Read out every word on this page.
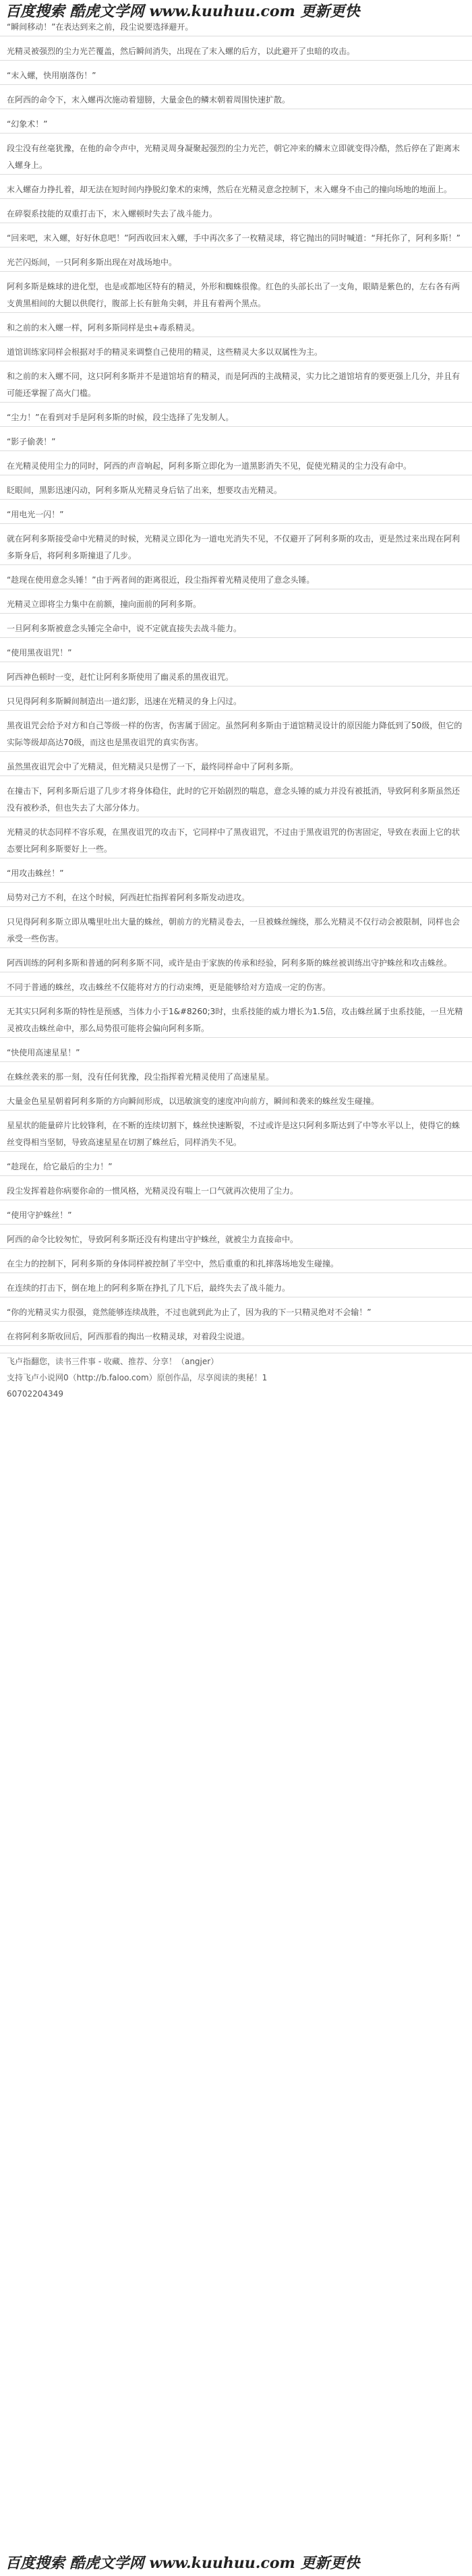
百度搜索 酷虎文学网 www.kuuhuu.com 更新更快
“瞬间移动！”在表达到来之前，段尘说要选择避开。
光精灵被强烈的尘力光芒覆盖，然后瞬间消失，出现在了末入螺的后方，以此避开了虫暗的攻击。
“末入螺，快用崩落伤！”
在阿西的命令下，末入螺再次施动着翅膀，大量金色的鳞末朝着周围快速扩散。
“幻象术！”
段尘没有丝毫犹豫，在他的命令声中，光精灵周身凝聚起强烈的尘力光芒，朝它冲来的鳞末立即就变得冷酷，然后停在了距离末入螺身上。
末入螺奋力挣扎着，却无法在短时间内挣脱幻象术的束缚，然后在光精灵意念控制下，末入螺身不由己的撞向场地的地面上。
在碎裂系技能的双重打击下，末入螺顿时失去了战斗能力。
“回来吧，末入螺，好好休息吧！”阿西收回末入螺，手中再次多了一枚精灵球，将它抛出的同时喊道：“拜托你了，阿利多斯！”
光芒闪烁间，一只阿利多斯出现在对战场地中。
阿利多斯是蛛球的进化型，也是或都地区特有的精灵，外形和蜘蛛很像。红色的头部长出了一支角，眼睛是紫色的，左右各有两支黄黑相间的大腿以供爬行，腹部上长有脏角尖刺，并且有着两个黑点。
和之前的末入螺一样，阿利多斯同样是虫+毒系精灵。
道馆训练家同样会根据对手的精灵来调整自己使用的精灵，这些精灵大多以双属性为主。
和之前的末入螺不同，这只阿利多斯并不是道馆培育的精灵，而是阿西的主战精灵，实力比之道馆培育的要更强上几分，并且有可能还掌握了高火门槛。
“尘力！”在看到对手是阿利多斯的时候，段尘选择了先发制人。
“影子偷袭！”
在光精灵使用尘力的同时，阿西的声音响起，阿利多斯立即化为一道黑影消失不见，促使光精灵的尘力没有命中。
眨眼间，黑影迅速闪动，阿利多斯从光精灵身后钻了出来，想要攻击光精灵。
“用电光一闪！”
就在阿利多斯接受命中光精灵的时候，光精灵立即化为一道电光消失不见，不仅避开了阿利多斯的攻击，更是然过来出现在阿利多斯身后，将阿利多斯撞退了几步。
“趁现在使用意念头锤！”由于两者间的距离很近，段尘指挥着光精灵使用了意念头锤。
光精灵立即将尘力集中在前额，撞向面前的阿利多斯。
一旦阿利多斯被意念头锤完全命中，说不定就直接失去战斗能力。
“使用黑夜诅咒！”
阿西神色顿时一变，赶忙让阿利多斯使用了幽灵系的黑夜诅咒。
只见得阿利多斯瞬间制造出一道幻影，迅速在光精灵的身上闪过。
黑夜诅咒会给予对方和自己等级一样的伤害，伤害属于固定。虽然阿利多斯由于道馆精灵设计的原因能力降低到了50级，但它的实际等级却高达70级，而这也是黑夜诅咒的真实伤害。
虽然黑夜诅咒会中了光精灵，但光精灵只是愣了一下，最终同样命中了阿利多斯。
在撞击下，阿利多斯后退了几步才将身体稳住，此时的它开始剧烈的喘息，意念头锤的威力并没有被抵消，导致阿利多斯虽然还没有被秒杀，但也失去了大部分体力。
光精灵的状态同样不容乐观，在黑夜诅咒的攻击下，它同样中了黑夜诅咒，不过由于黑夜诅咒的伤害固定，导致在表面上它的状态要比阿利多斯要好上一些。
“用攻击蛛丝！”
局势对己方不利，在这个时候，阿西赶忙指挥着阿利多斯发动进攻。
只见得阿利多斯立即从嘴里吐出大量的蛛丝，朝前方的光精灵卷去，一旦被蛛丝缠绕，那么光精灵不仅行动会被限制，同样也会承受一些伤害。
阿西训练的阿利多斯和普通的阿利多斯不同，或许是由于家族的传承和经验，阿利多斯的蛛丝被训练出守护蛛丝和攻击蛛丝。
不同于普通的蛛丝，攻击蛛丝不仅能将对方的行动束缚，更是能够给对方造成一定的伤害。
无其实只阿利多斯的特性是预感，当体力小于1&#8260;3时，虫系技能的威力增长为1.5倍，攻击蛛丝属于虫系技能，一旦光精灵被攻击蛛丝命中，那么局势很可能将会偏向阿利多斯。
“快使用高速星星！”
在蛛丝袭来的那一刻，没有任何犹豫，段尘指挥着光精灵使用了高速星星。
大量金色星星朝着阿利多斯的方向瞬间形成，以迅敏演变的速度冲向前方，瞬间和袭来的蛛丝发生碰撞。
星星状的能量碎片比较锋利，在不断的连续切割下，蛛丝快速断裂，不过或许是这只阿利多斯达到了中等水平以上，使得它的蛛丝变得相当坚韧，导致高速星星在切割了蛛丝后，同样消失不见。
“趁现在，给它最后的尘力！”
段尘发挥着趁你病要你命的一惯风格，光精灵没有喘上一口气就再次使用了尘力。
“使用守护蛛丝！”
阿西的命令比较匆忙，导致阿利多斯还没有构建出守护蛛丝，就被尘力直接命中。
在尘力的控制下，阿利多斯的身体同样被控制了半空中，然后重重的和扎摔落场地发生碰撞。
在连续的打击下，倒在地上的阿利多斯在挣扎了几下后，最终失去了战斗能力。
“你的光精灵实力很强，竟然能够连续战胜，不过也就到此为止了，因为我的下一只精灵绝对不会输！”
在将阿利多斯收回后，阿西那看的掏出一枚精灵球，对着段尘说道。
飞卢指翻您，读书三件事 - 收藏、推荐、分享！（angjer）
支持飞卢小说网0（http://b.faloo.com）原创作品，尽享阅读的奥秘！1
60702204349
百度搜索 酷虎文学网 www.kuuhuu.com 更新更快
